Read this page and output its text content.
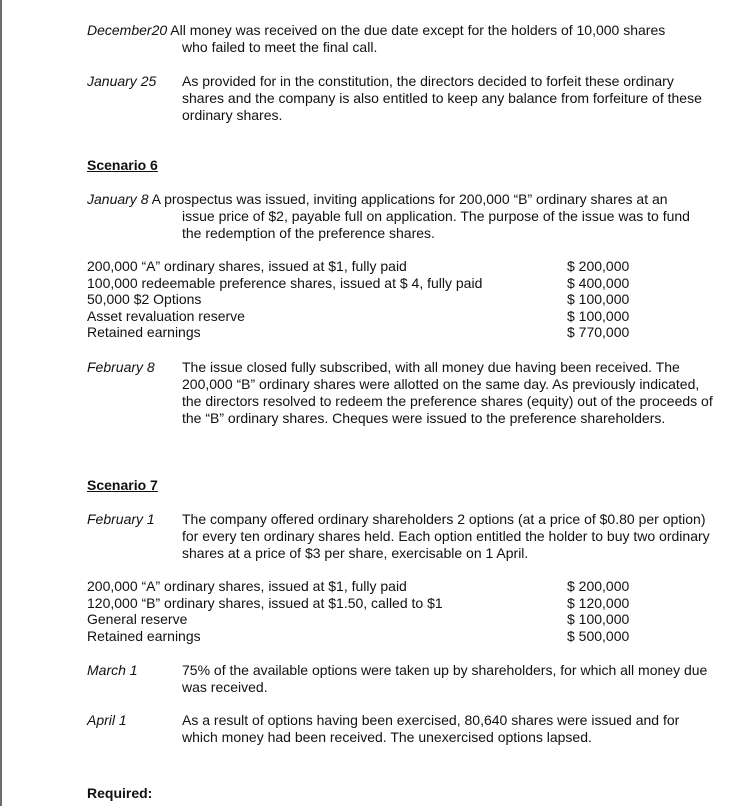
December20 All money was received on the due date except for the holders of 10,000 shares
who failed to meet the final call.
January 25 As provided for in the constitution, the directors decided to forfeit these ordinary shares and the company is also entitled to keep any balance from forfeiture of these ordinary shares.
Scenario 6
January 8 A prospectus was issued, inviting applications for 200,000 “B” ordinary shares at an
issue price of $2, payable full on application. The purpose of the issue was to fund the redemption of the preference shares.
200,000 “A” ordinary shares, issued at $1, fully paid	$ 200,000
100,000 redeemable preference shares, issued at $ 4, fully paid	$ 400,000
50,000 $2 Options	$ 100,000
Asset revaluation reserve	$ 100,000
Retained earnings	$ 770,000
February 8 The issue closed fully subscribed, with all money due having been received. The 200,000 “B” ordinary shares were allotted on the same day. As previously indicated, the directors resolved to redeem the preference shares (equity) out of the proceeds of the “B” ordinary shares. Cheques were issued to the preference shareholders.
Scenario 7
February 1 The company offered ordinary shareholders 2 options (at a price of $0.80 per option) for every ten ordinary shares held. Each option entitled the holder to buy two ordinary shares at a price of $3 per share, exercisable on 1 April.
200,000 “A” ordinary shares, issued at $1, fully paid	$ 200,000
120,000 “B” ordinary shares, issued at $1.50, called to $1	$ 120,000
General reserve	$ 100,000
Retained earnings	$ 500,000
March 1	75% of the available options were taken up by shareholders, for which all money due was received.
April 1	As a result of options having been exercised, 80,640 shares were issued and for which money had been received. The unexercised options lapsed.
Required:
